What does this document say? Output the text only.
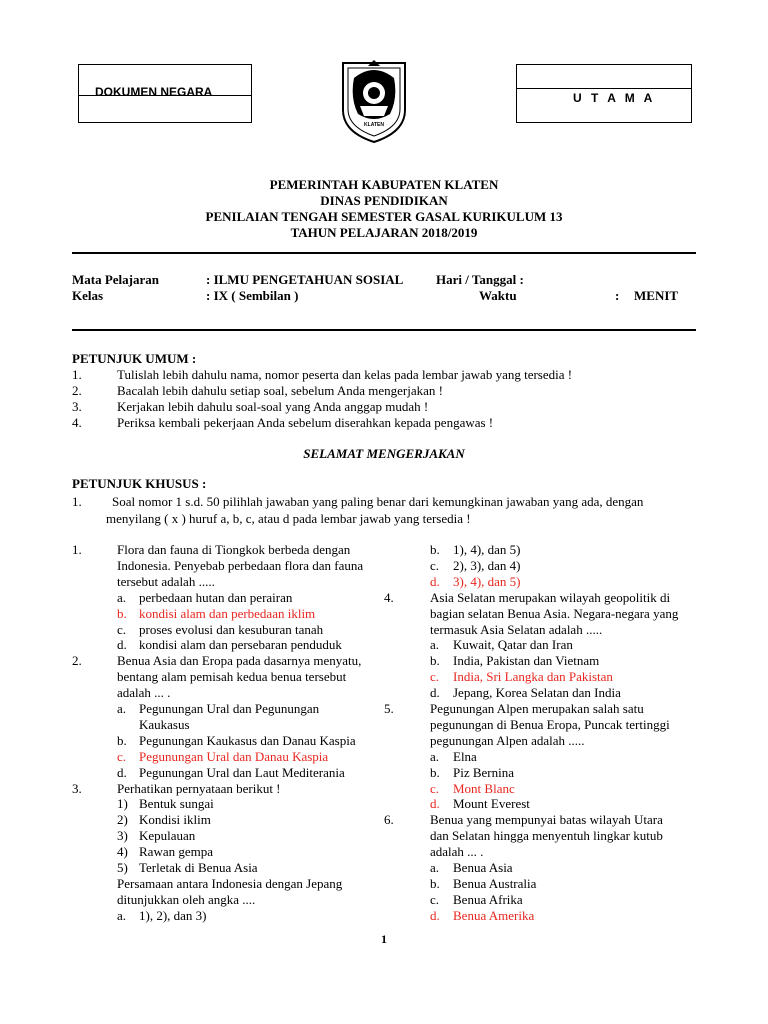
DOKUMEN NEGARA	U T A M A
KLATEN
PEMERINTAH KABUPATEN KLATEN
DINAS PENDIDIKAN
PENILAIAN TENGAH SEMESTER GASAL KURIKULUM 13
TAHUN PELAJARAN 2018/2019
Mata Pelajaran	: ILMU PENGETAHUAN SOSIAL	Hari / Tanggal :
Kelas	: IX ( Sembilan )	Waktu	: MENIT
PETUNJUK UMUM :
1.	Tulislah lebih dahulu nama, nomor peserta dan kelas pada lembar jawab yang tersedia !
2.	Bacalah lebih dahulu setiap soal, sebelum Anda mengerjakan !
3.	Kerjakan lebih dahulu soal-soal yang Anda anggap mudah !
4.	Periksa kembali pekerjaan Anda sebelum diserahkan kepada pengawas !
SELAMAT MENGERJAKAN
PETUNJUK KHUSUS :
1. Soal nomor 1 s.d. 50 pilihlah jawaban yang paling benar dari kemungkinan jawaban yang ada, dengan
menyilang ( x ) huruf a, b, c, atau d pada lembar jawab yang tersedia !
1.	Flora dan fauna di Tiongkok berbeda dengan
Indonesia. Penyebab perbedaan flora dan fauna
tersebut adalah .....
a. perbedaan hutan dan perairan
b. kondisi alam dan perbedaan iklim
c. proses evolusi dan kesuburan tanah
d. kondisi alam dan persebaran penduduk
2.	Benua Asia dan Eropa pada dasarnya menyatu,
bentang alam pemisah kedua benua tersebut
adalah ... .
a. Pegunungan Ural dan Pegunungan
Kaukasus
b. Pegunungan Kaukasus dan Danau Kaspia
c. Pegunungan Ural dan Danau Kaspia
d. Pegunungan Ural dan Laut Mediterania
3.	Perhatikan pernyataan berikut !
1) Bentuk sungai
2) Kondisi iklim
3) Kepulauan
4) Rawan gempa
5) Terletak di Benua Asia
Persamaan antara Indonesia dengan Jepang
ditunjukkan oleh angka ....
a. 1), 2), dan 3)
b. 1), 4), dan 5)
c. 2), 3), dan 4)
d. 3), 4), dan 5)
4.	Asia Selatan merupakan wilayah geopolitik di
bagian selatan Benua Asia. Negara-negara yang
termasuk Asia Selatan adalah .....
a. Kuwait, Qatar dan Iran
b. India, Pakistan dan Vietnam
c. India, Sri Langka dan Pakistan
d. Jepang, Korea Selatan dan India
5.	Pegunungan Alpen merupakan salah satu
pegunungan di Benua Eropa, Puncak tertinggi
pegunungan Alpen adalah .....
a. Elna
b. Piz Bernina
c. Mont Blanc
d. Mount Everest
6.	Benua yang mempunyai batas wilayah Utara
dan Selatan hingga menyentuh lingkar kutub
adalah ... .
a. Benua Asia
b. Benua Australia
c. Benua Afrika
d. Benua Amerika
1
